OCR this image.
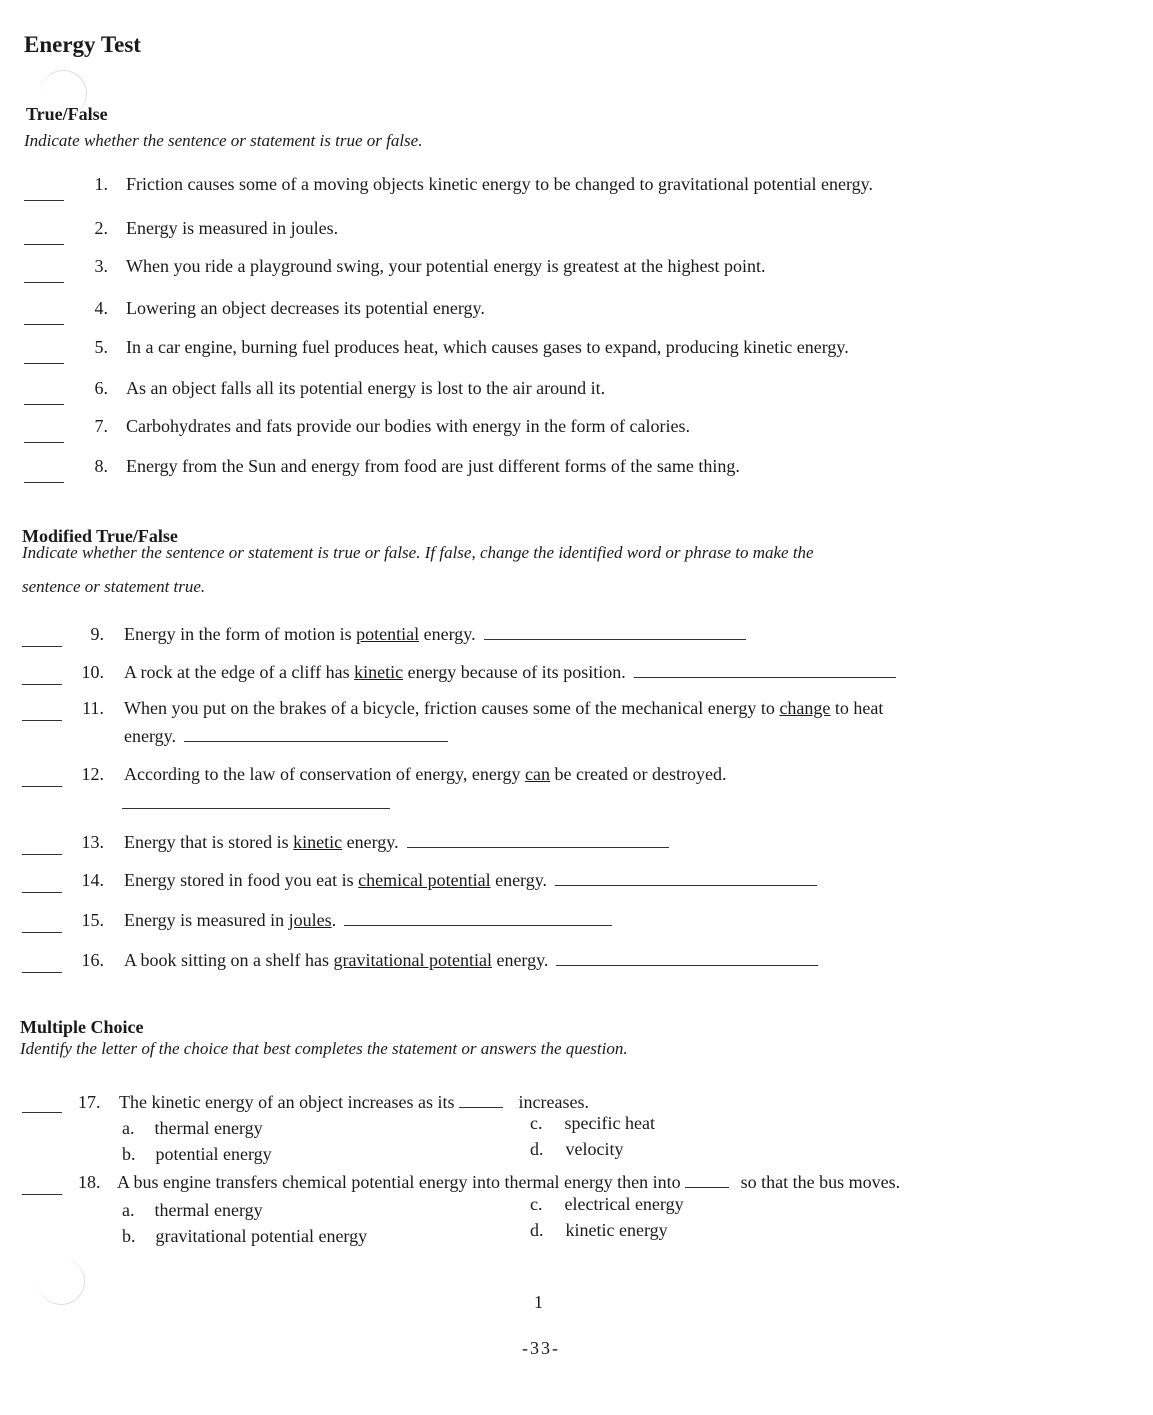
Energy Test
True/False
Indicate whether the sentence or statement is true or false.
1. Friction causes some of a moving objects kinetic energy to be changed to gravitational potential energy.
2. Energy is measured in joules.
3. When you ride a playground swing, your potential energy is greatest at the highest point.
4. Lowering an object decreases its potential energy.
5. In a car engine, burning fuel produces heat, which causes gases to expand, producing kinetic energy.
6. As an object falls all its potential energy is lost to the air around it.
7. Carbohydrates and fats provide our bodies with energy in the form of calories.
8. Energy from the Sun and energy from food are just different forms of the same thing.
Modified True/False
Indicate whether the sentence or statement is true or false. If false, change the identified word or phrase to make the
sentence or statement true.
9. Energy in the form of motion is potential energy.
10. A rock at the edge of a cliff has kinetic energy because of its position.
11. When you put on the brakes of a bicycle, friction causes some of the mechanical energy to change to heat
energy.
12. According to the law of conservation of energy, energy can be created or destroyed.
13. Energy that is stored is kinetic energy.
14. Energy stored in food you eat is chemical potential energy.
15. Energy is measured in joules.
16. A book sitting on a shelf has gravitational potential energy.
Multiple Choice
Identify the letter of the choice that best completes the statement or answers the question.
17. The kinetic energy of an object increases as its	increases.
a. thermal energy
b. potential energy
c. specific heat
d. velocity
18. A bus engine transfers chemical potential energy into thermal energy then into	so that the bus moves.
a. thermal energy
b. gravitational potential energy
c. electrical energy
d. kinetic energy
1
-33-
